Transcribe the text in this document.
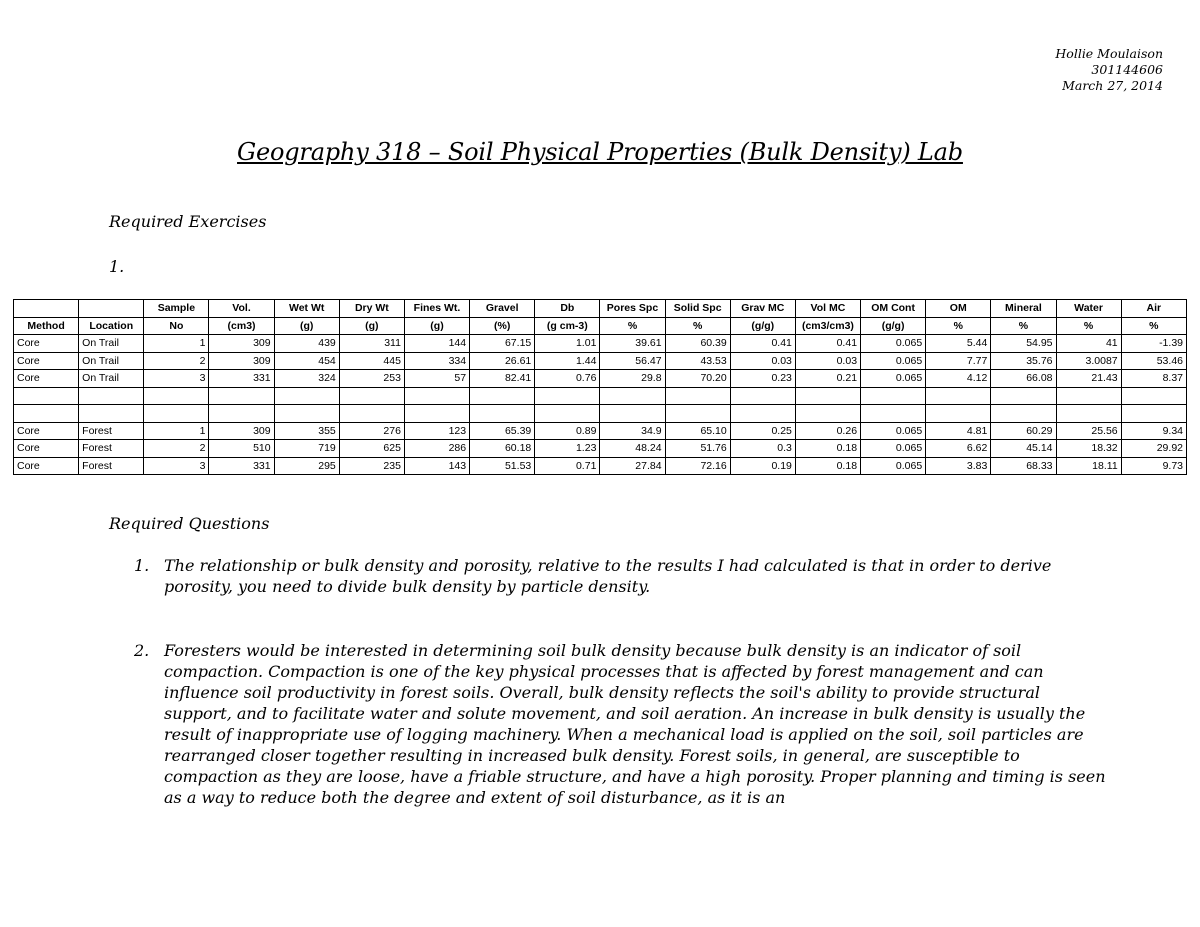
Hollie Moulaison
301144606
March 27, 2014
Geography 318 – Soil Physical Properties (Bulk Density) Lab
Required Exercises
1.
		Sample	Vol.	Wet Wt	Dry Wt	Fines Wt.	Gravel	Db	Pores Spc	Solid Spc	Grav MC	Vol MC	OM Cont	OM	Mineral	Water	Air
Method	Location	No	(cm3)	(g)	(g)	(g)	(%)	(g cm-3)	%	%	(g/g)	(cm3/cm3)	(g/g)	%	%	%	%
Core	On Trail	1	309	439	311	144	67.15	1.01	39.61	60.39	0.41	0.41	0.065	5.44	54.95	41	-1.39
Core	On Trail	2	309	454	445	334	26.61	1.44	56.47	43.53	0.03	0.03	0.065	7.77	35.76	3.0087	53.46
Core	On Trail	3	331	324	253	57	82.41	0.76	29.8	70.20	0.23	0.21	0.065	4.12	66.08	21.43	8.37

Core	Forest	1	309	355	276	123	65.39	0.89	34.9	65.10	0.25	0.26	0.065	4.81	60.29	25.56	9.34
Core	Forest	2	510	719	625	286	60.18	1.23	48.24	51.76	0.3	0.18	0.065	6.62	45.14	18.32	29.92
Core	Forest	3	331	295	235	143	51.53	0.71	27.84	72.16	0.19	0.18	0.065	3.83	68.33	18.11	9.73
Required Questions
1. The relationship or bulk density and porosity, relative to the results I had calculated is that in order to derive porosity, you need to divide bulk density by particle density.
2. Foresters would be interested in determining soil bulk density because bulk density is an indicator of soil compaction. Compaction is one of the key physical processes that is affected by forest management and can influence soil productivity in forest soils. Overall, bulk density reflects the soil's ability to provide structural support, and to facilitate water and solute movement, and soil aeration. An increase in bulk density is usually the result of inappropriate use of logging machinery. When a mechanical load is applied on the soil, soil particles are rearranged closer together resulting in increased bulk density. Forest soils, in general, are susceptible to compaction as they are loose, have a friable structure, and have a high porosity. Proper planning and timing is seen as a way to reduce both the degree and extent of soil disturbance, as it is an
